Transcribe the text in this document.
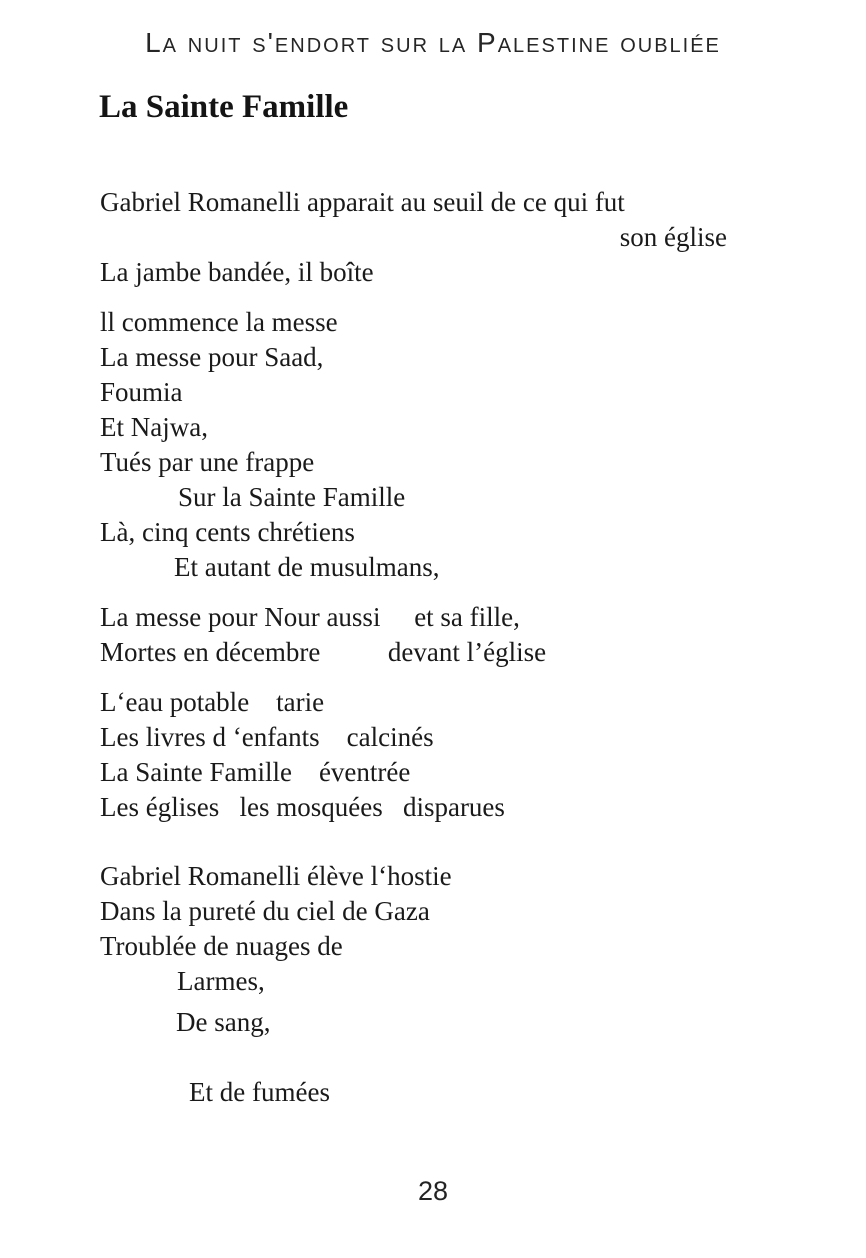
La nuit s'endort sur la Palestine oubliée
La Sainte Famille
Gabriel Romanelli apparait au seuil de ce qui fut
son église
La jambe bandée, il boîte
ll commence la messe
La messe pour Saad,
Foumia
Et Najwa,
Tués par une frappe
Sur la Sainte Famille
Là, cinq cents chrétiens
Et autant de musulmans,
La messe pour Nour aussi     et sa fille,
Mortes en décembre          devant l’église
L‘eau potable    tarie
Les livres d ‘enfants    calcinés
La Sainte Famille    éventrée
Les églises   les mosquées   disparues
Gabriel Romanelli élève l‘hostie
Dans la pureté du ciel de Gaza
Troublée de nuages de
Larmes,
De sang,
Et de fumées
28
